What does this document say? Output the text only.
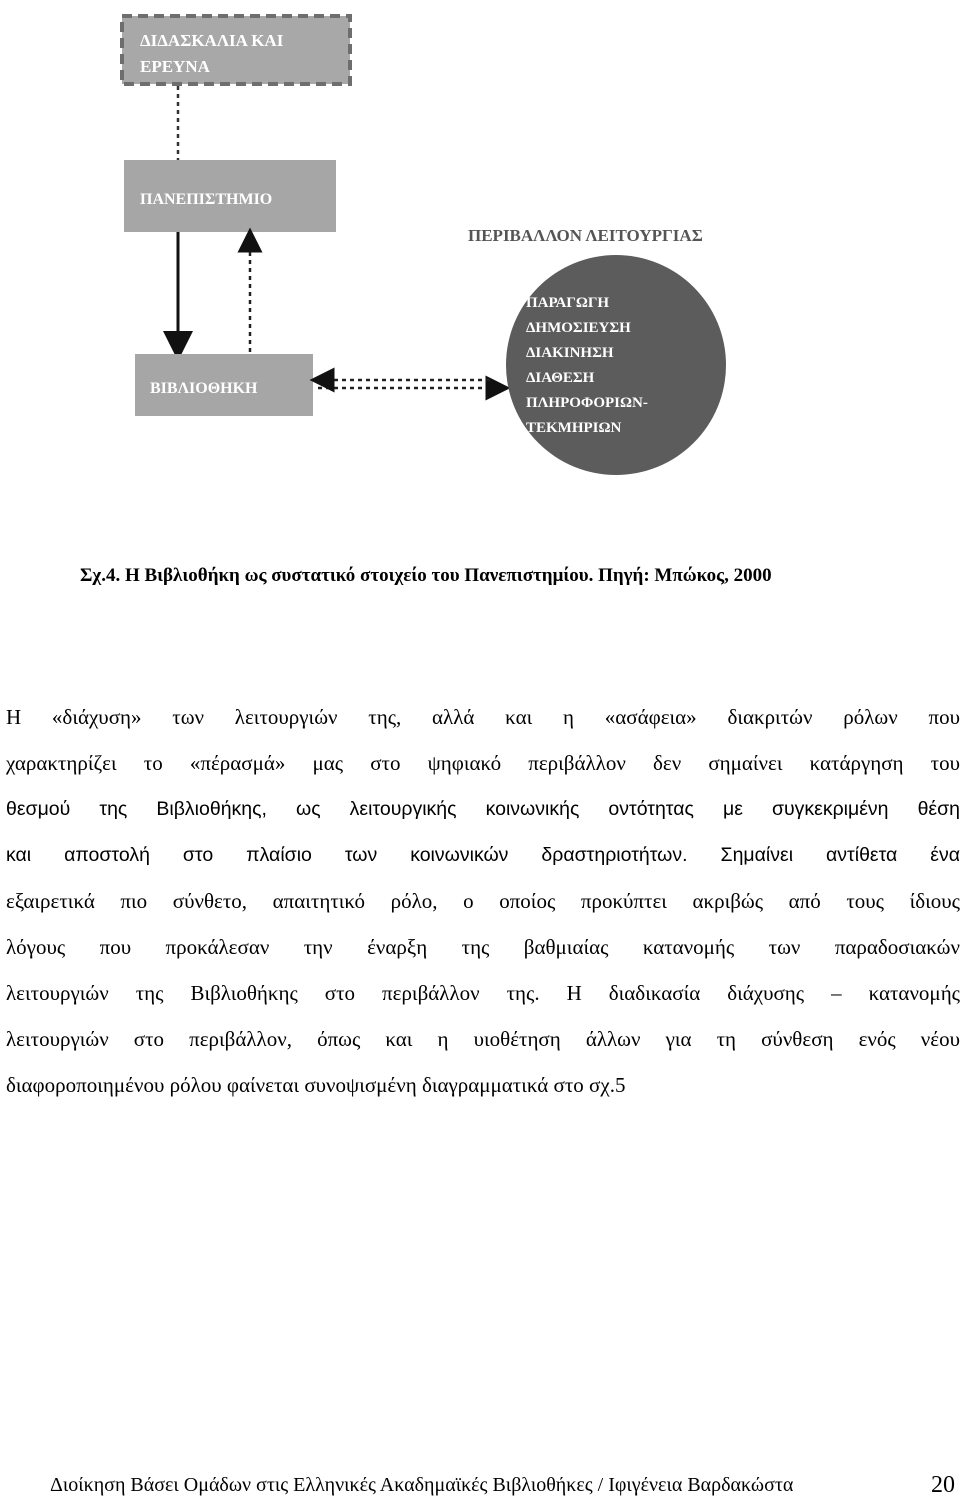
ΔΙΔΑΣΚΑΛΙΑ ΚΑΙ
ΕΡΕΥΝΑ
ΠΑΝΕΠΙΣΤΗΜΙΟ
ΒΙΒΛΙΟΘΗΚΗ
ΠΕΡΙΒΑΛΛΟΝ ΛΕΙΤΟΥΡΓΙΑΣ
ΠΑΡΑΓΩΓΗ
ΔΗΜΟΣΙΕΥΣΗ
ΔΙΑΚΙΝΗΣΗ
ΔΙΑΘΕΣΗ
ΠΛΗΡΟΦΟΡΙΩΝ-
ΤΕΚΜΗΡΙΩΝ
Σχ.4. Η Βιβλιοθήκη ως συστατικό στοιχείο του Πανεπιστημίου. Πηγή: Μπώκος, 2000
Η «διάχυση» των λειτουργιών της, αλλά και η «ασάφεια» διακριτών ρόλων που
χαρακτηρίζει το «πέρασμά» μας στο ψηφιακό περιβάλλον δεν σημαίνει κατάργηση του
θεσμού της Βιβλιοθήκης, ως λειτουργικής κοινωνικής οντότητας με συγκεκριμένη θέση
και αποστολή στο πλαίσιο των κοινωνικών δραστηριοτήτων. Σημαίνει αντίθετα ένα
εξαιρετικά πιο σύνθετο, απαιτητικό ρόλο, ο οποίος προκύπτει ακριβώς από τους ίδιους
λόγους που προκάλεσαν την έναρξη της βαθμιαίας κατανομής των παραδοσιακών
λειτουργιών της Βιβλιοθήκης στο περιβάλλον της. Η διαδικασία διάχυσης – κατανομής
λειτουργιών στο περιβάλλον, όπως και η υιοθέτηση άλλων για τη σύνθεση ενός νέου
διαφοροποιημένου ρόλου φαίνεται συνοψισμένη διαγραμματικά στο σχ.5
Διοίκηση Βάσει Ομάδων στις Ελληνικές Ακαδημαϊκές Βιβλιοθήκες / Ιφιγένεια Βαρδακώστα	20
